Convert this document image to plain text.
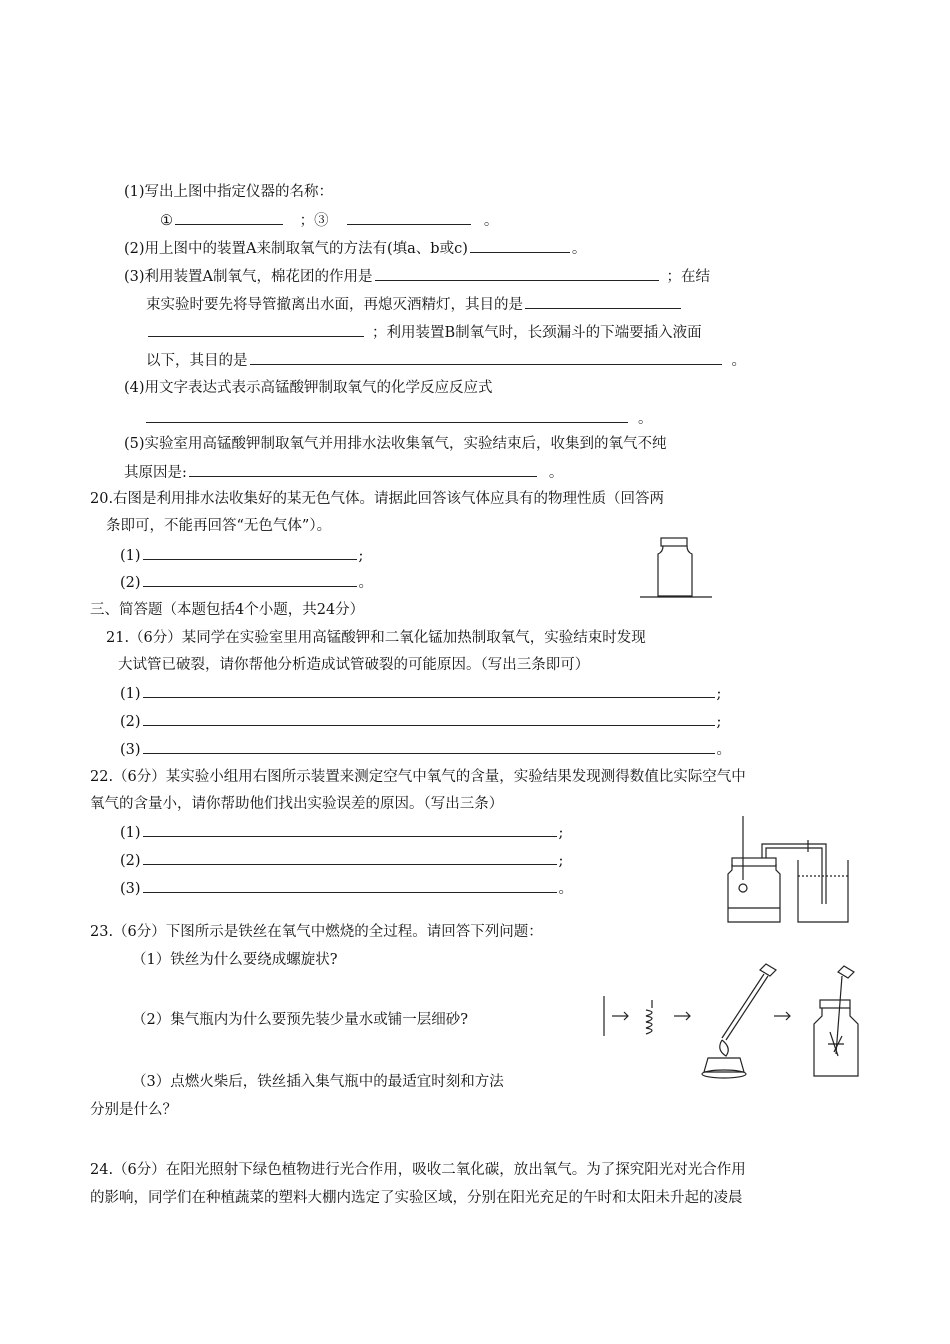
(1)写出上图中指定仪器的名称：
①	；③	。
(2)用上图中的装置A来制取氧气的方法有(填a、b或c)	。
(3)利用装置A制氧气，棉花团的作用是	；在结
束实验时要先将导管撤离出水面，再熄灭酒精灯，其目的是
；利用装置B制氧气时，长颈漏斗的下端要插入液面
以下，其目的是	。
(4)用文字表达式表示高锰酸钾制取氧气的化学反应反应式
。
(5)实验室用高锰酸钾制取氧气并用排水法收集氧气，实验结束后，收集到的氧气不纯
其原因是:	。
20.右图是利用排水法收集好的某无色气体。请据此回答该气体应具有的物理性质（回答两
条即可，不能再回答“无色气体”）。
(1)	;
(2)	。
三、简答题（本题包括4个小题，共24分）
21.（6分）某同学在实验室里用高锰酸钾和二氧化锰加热制取氧气，实验结束时发现
大试管已破裂，请你帮他分析造成试管破裂的可能原因。（写出三条即可）
(1)	;
(2)	;
(3)	。
22.（6分）某实验小组用右图所示装置来测定空气中氧气的含量，实验结果发现测得数值比实际空气中
氧气的含量小，请你帮助他们找出实验误差的原因。（写出三条）
(1)	;
(2)	;
(3)	。
23.（6分）下图所示是铁丝在氧气中燃烧的全过程。请回答下列问题：
（1）铁丝为什么要绕成螺旋状?
（2）集气瓶内为什么要预先装少量水或铺一层细砂?
（3）点燃火柴后，铁丝插入集气瓶中的最适宜时刻和方法
分别是什么？
24.（6分）在阳光照射下绿色植物进行光合作用，吸收二氧化碳，放出氧气。为了探究阳光对光合作用
的影响，同学们在种植蔬菜的塑料大棚内选定了实验区域，分别在阳光充足的午时和太阳未升起的凌晨
